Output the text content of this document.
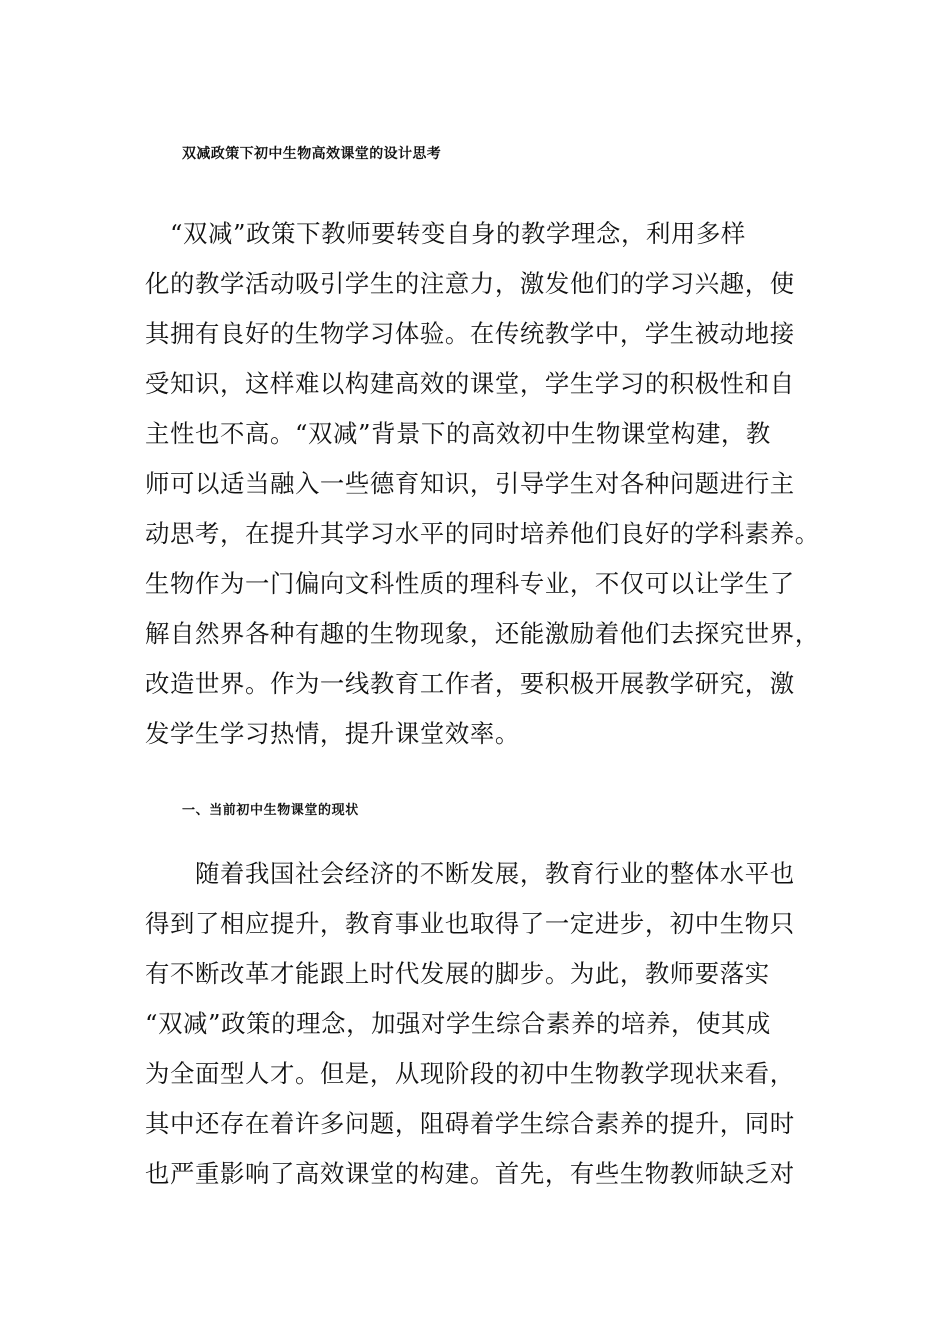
双减政策下初中生物高效课堂的设计思考
　“双减”政策下教师要转变自身的教学理念，利用多样
化的教学活动吸引学生的注意力，激发他们的学习兴趣，使
其拥有良好的生物学习体验。在传统教学中，学生被动地接
受知识，这样难以构建高效的课堂，学生学习的积极性和自
主性也不高。“双减”背景下的高效初中生物课堂构建，教
师可以适当融入一些德育知识，引导学生对各种问题进行主
动思考，在提升其学习水平的同时培养他们良好的学科素养。
生物作为一门偏向文科性质的理科专业，不仅可以让学生了
解自然界各种有趣的生物现象，还能激励着他们去探究世界，
改造世界。作为一线教育工作者，要积极开展教学研究，激
发学生学习热情，提升课堂效率。
一、当前初中生物课堂的现状
　　随着我国社会经济的不断发展，教育行业的整体水平也
得到了相应提升，教育事业也取得了一定进步，初中生物只
有不断改革才能跟上时代发展的脚步。为此，教师要落实
“双减”政策的理念，加强对学生综合素养的培养，使其成
为全面型人才。但是，从现阶段的初中生物教学现状来看，
其中还存在着许多问题，阻碍着学生综合素养的提升，同时
也严重影响了高效课堂的构建。首先，有些生物教师缺乏对
